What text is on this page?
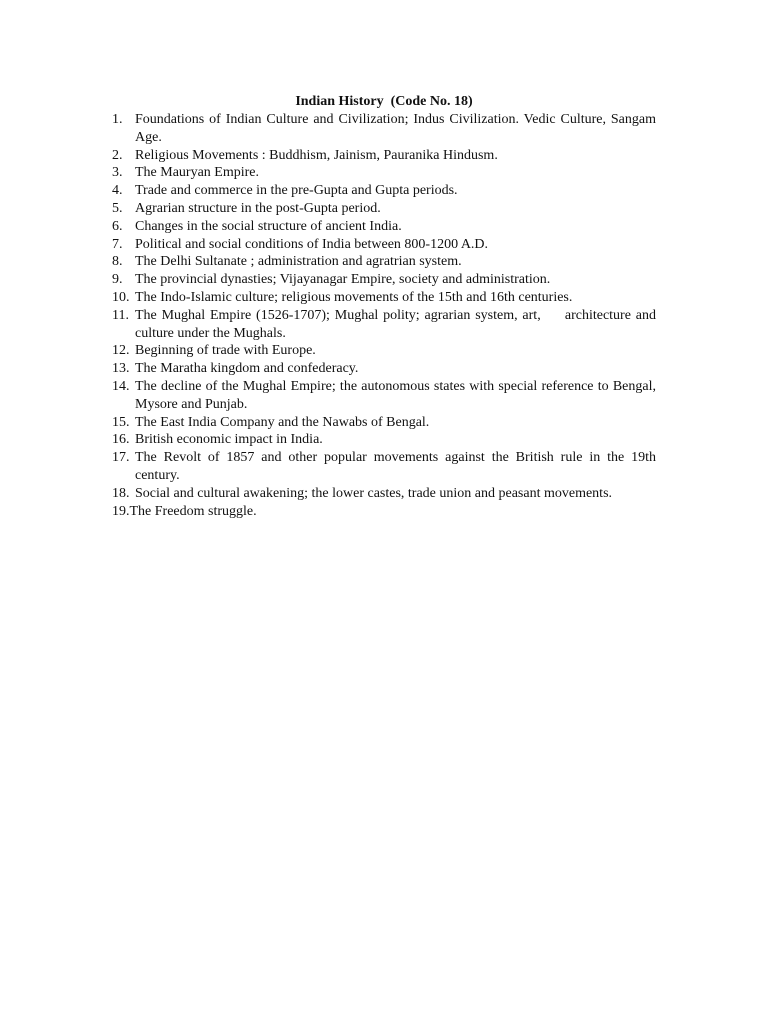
Indian History  (Code No. 18)
1. Foundations of Indian Culture and Civilization; Indus Civilization. Vedic Culture, Sangam Age.
2. Religious Movements : Buddhism, Jainism, Pauranika Hindusm.
3. The Mauryan Empire.
4. Trade and commerce in the pre-Gupta and Gupta periods.
5. Agrarian structure in the post-Gupta period.
6. Changes in the social structure of ancient India.
7. Political and social conditions of India between 800-1200 A.D.
8. The Delhi Sultanate ; administration and agratrian system.
9. The provincial dynasties; Vijayanagar Empire, society and administration.
10. The Indo-Islamic culture; religious movements of the 15th and 16th centuries.
11. The Mughal Empire (1526-1707); Mughal polity; agrarian system, art,     architecture and culture under the Mughals.
12. Beginning of trade with Europe.
13. The Maratha kingdom and confederacy.
14. The decline of the Mughal Empire; the autonomous states with special reference to Bengal, Mysore and Punjab.
15. The East India Company and the Nawabs of Bengal.
16. British economic impact in India.
17. The Revolt of 1857 and other popular movements against the British rule in the 19th century.
18. Social and cultural awakening; the lower castes, trade union and peasant movements.
19. The Freedom struggle.
